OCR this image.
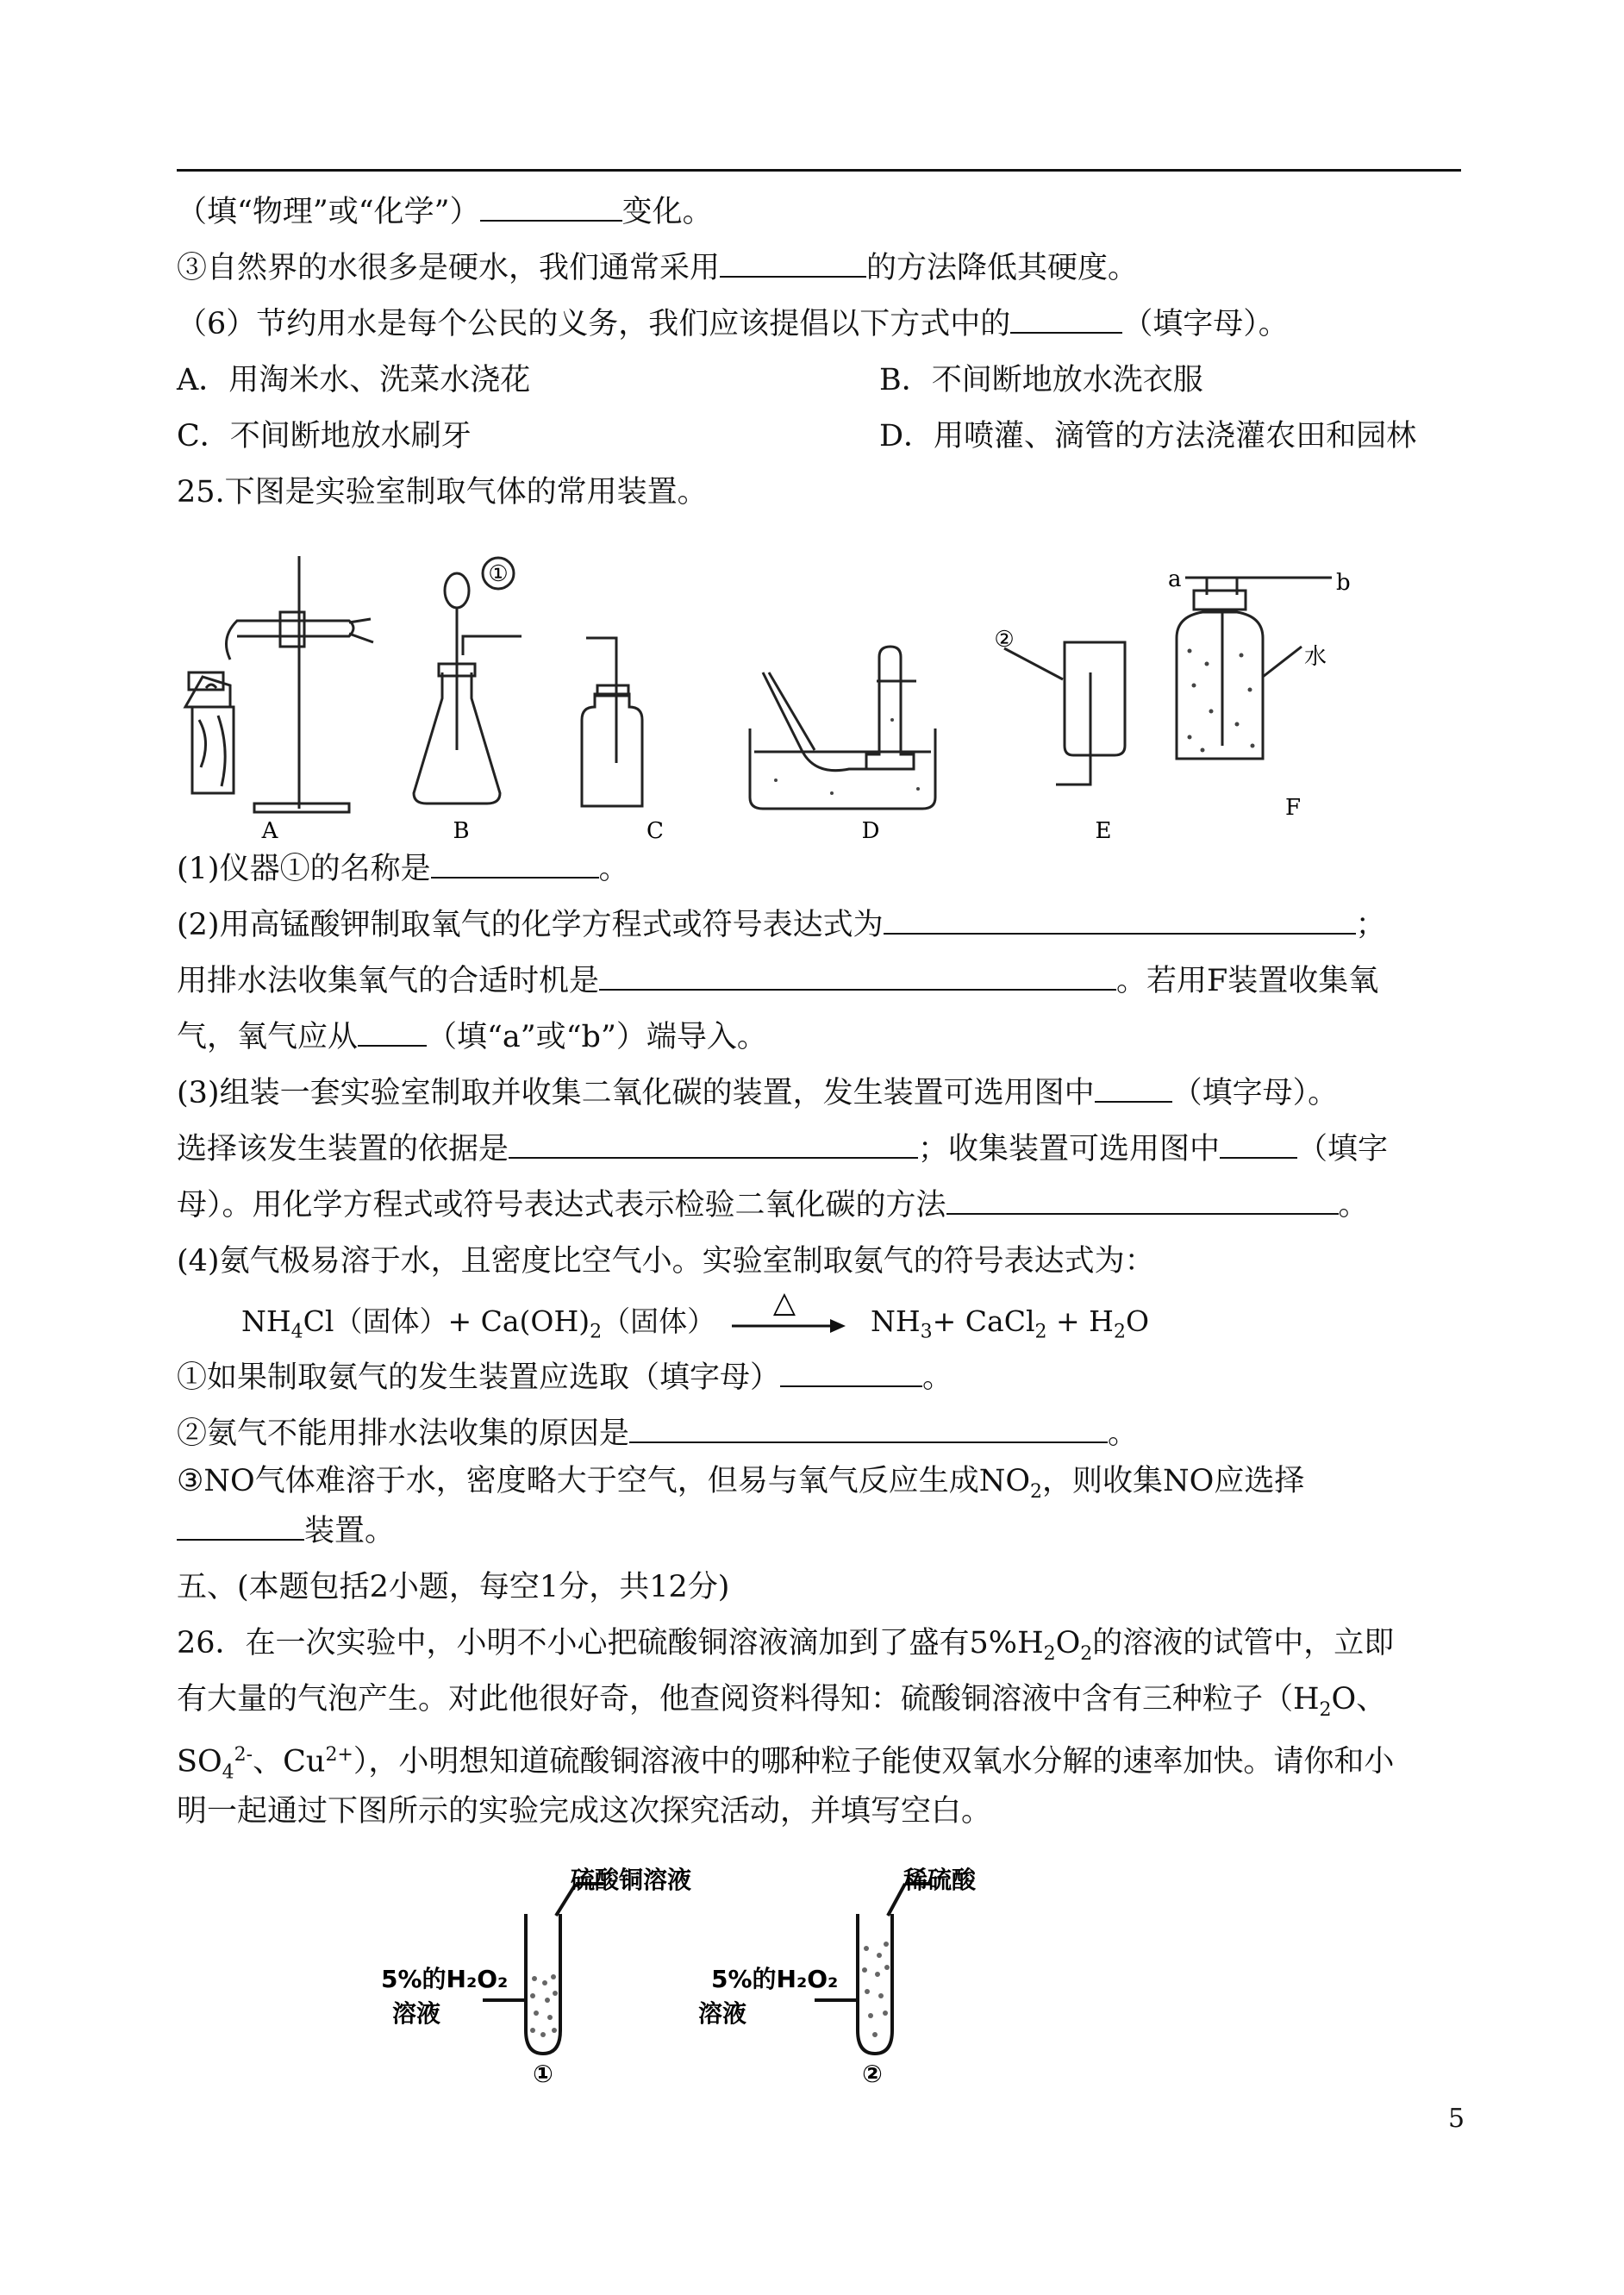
（填“物理”或“化学”）	变化。
③自然界的水很多是硬水，我们通常采用	的方法降低其硬度。
（6）节约用水是每个公民的义务，我们应该提倡以下方式中的	（填字母）。
A．用淘米水、洗菜水浇花	B．不间断地放水洗衣服
C．不间断地放水刷牙	D．用喷灌、滴管的方法浇灌农田和园林
25.下图是实验室制取气体的常用装置。
①
②
a	b
水
A	B	C	D	E
F
(1)仪器①的名称是	。
(2)用高锰酸钾制取氧气的化学方程式或符号表达式为	；
用排水法收集氧气的合适时机是	。若用F装置收集氧
气，氧气应从 （填“a”或“b”）端导入。
(3)组装一套实验室制取并收集二氧化碳的装置，发生装置可选用图中	（填字母）。
选择该发生装置的依据是	；收集装置可选用图中	（填字
母）。用化学方程式或符号表达式表示检验二氧化碳的方法	。
(4)氨气极易溶于水，且密度比空气小。实验室制取氨气的符号表达式为：
$NH_4Cl$（固体）+ $Ca(OH)_2$（固体）
△
$NH_3+$ CaCl$_2$ + $H_2O$
①如果制取氨气的发生装置应选取（填字母）	。
②氨气不能用排水法收集的原因是	。
③NO气体难溶于水，密度略大于空气，但易与氧气反应生成$NO_2$，则收集NO应选择
装置。
五、(本题包括2小题，每空1分，共12分)
26．在一次实验中，小明不小心把硫酸铜溶液滴加到了盛有$5\%H_2O_2$的溶液的试管中，立即
有大量的气泡产生。对此他很好奇，他查阅资料得知：硫酸铜溶液中含有三种粒子（$H_2O$、
$SO_4^{2-}$、$Cu^{2+}$），小明想知道硫酸铜溶液中的哪种粒子能使双氧水分解的速率加快。请你和小
明一起通过下图所示的实验完成这次探究活动，并填写空白。
硫酸铜溶液	稀硫酸
5%的H₂O₂
溶液
5%的H₂O₂
溶液
①	②
5
